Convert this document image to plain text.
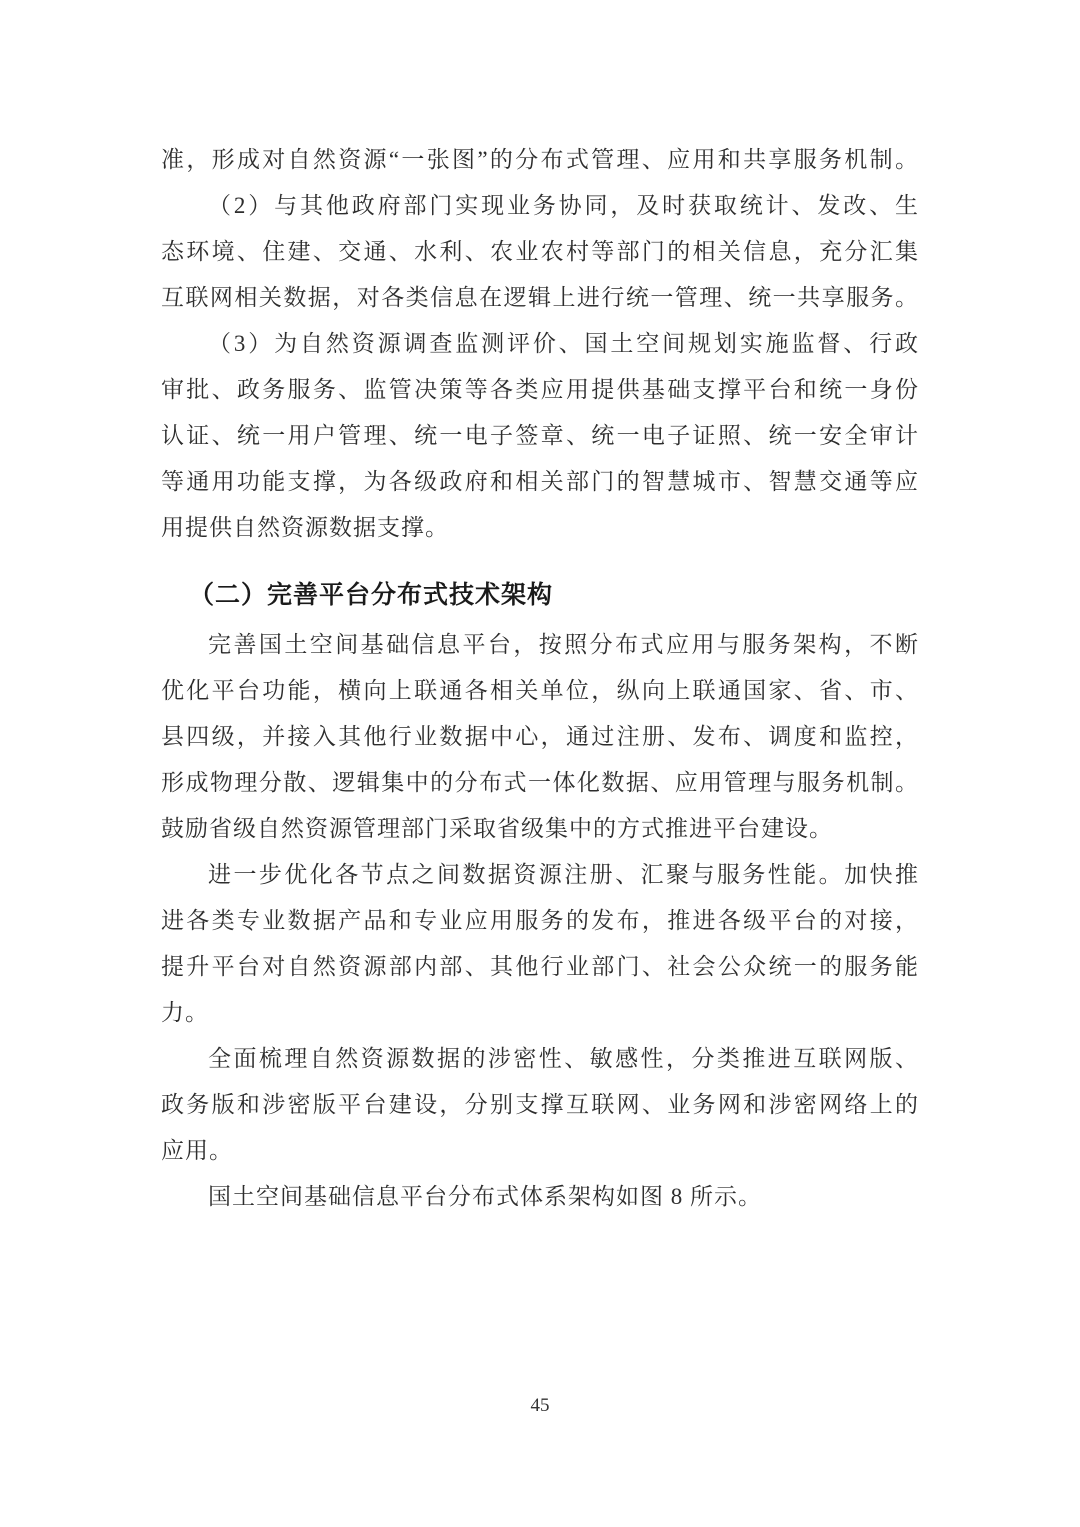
准，形成对自然资源“一张图”的分布式管理、应用和共享服务机制。
（2）与其他政府部门实现业务协同，及时获取统计、发改、生
态环境、住建、交通、水利、农业农村等部门的相关信息，充分汇集
互联网相关数据，对各类信息在逻辑上进行统一管理、统一共享服务。
（3）为自然资源调查监测评价、国土空间规划实施监督、行政
审批、政务服务、监管决策等各类应用提供基础支撑平台和统一身份
认证、统一用户管理、统一电子签章、统一电子证照、统一安全审计
等通用功能支撑，为各级政府和相关部门的智慧城市、智慧交通等应
用提供自然资源数据支撑。
（二）完善平台分布式技术架构
完善国土空间基础信息平台，按照分布式应用与服务架构，不断
优化平台功能，横向上联通各相关单位，纵向上联通国家、省、市、
县四级，并接入其他行业数据中心，通过注册、发布、调度和监控，
形成物理分散、逻辑集中的分布式一体化数据、应用管理与服务机制。
鼓励省级自然资源管理部门采取省级集中的方式推进平台建设。
进一步优化各节点之间数据资源注册、汇聚与服务性能。加快推
进各类专业数据产品和专业应用服务的发布，推进各级平台的对接，
提升平台对自然资源部内部、其他行业部门、社会公众统一的服务能
力。
全面梳理自然资源数据的涉密性、敏感性，分类推进互联网版、
政务版和涉密版平台建设，分别支撑互联网、业务网和涉密网络上的
应用。
国土空间基础信息平台分布式体系架构如图 8 所示。
45
